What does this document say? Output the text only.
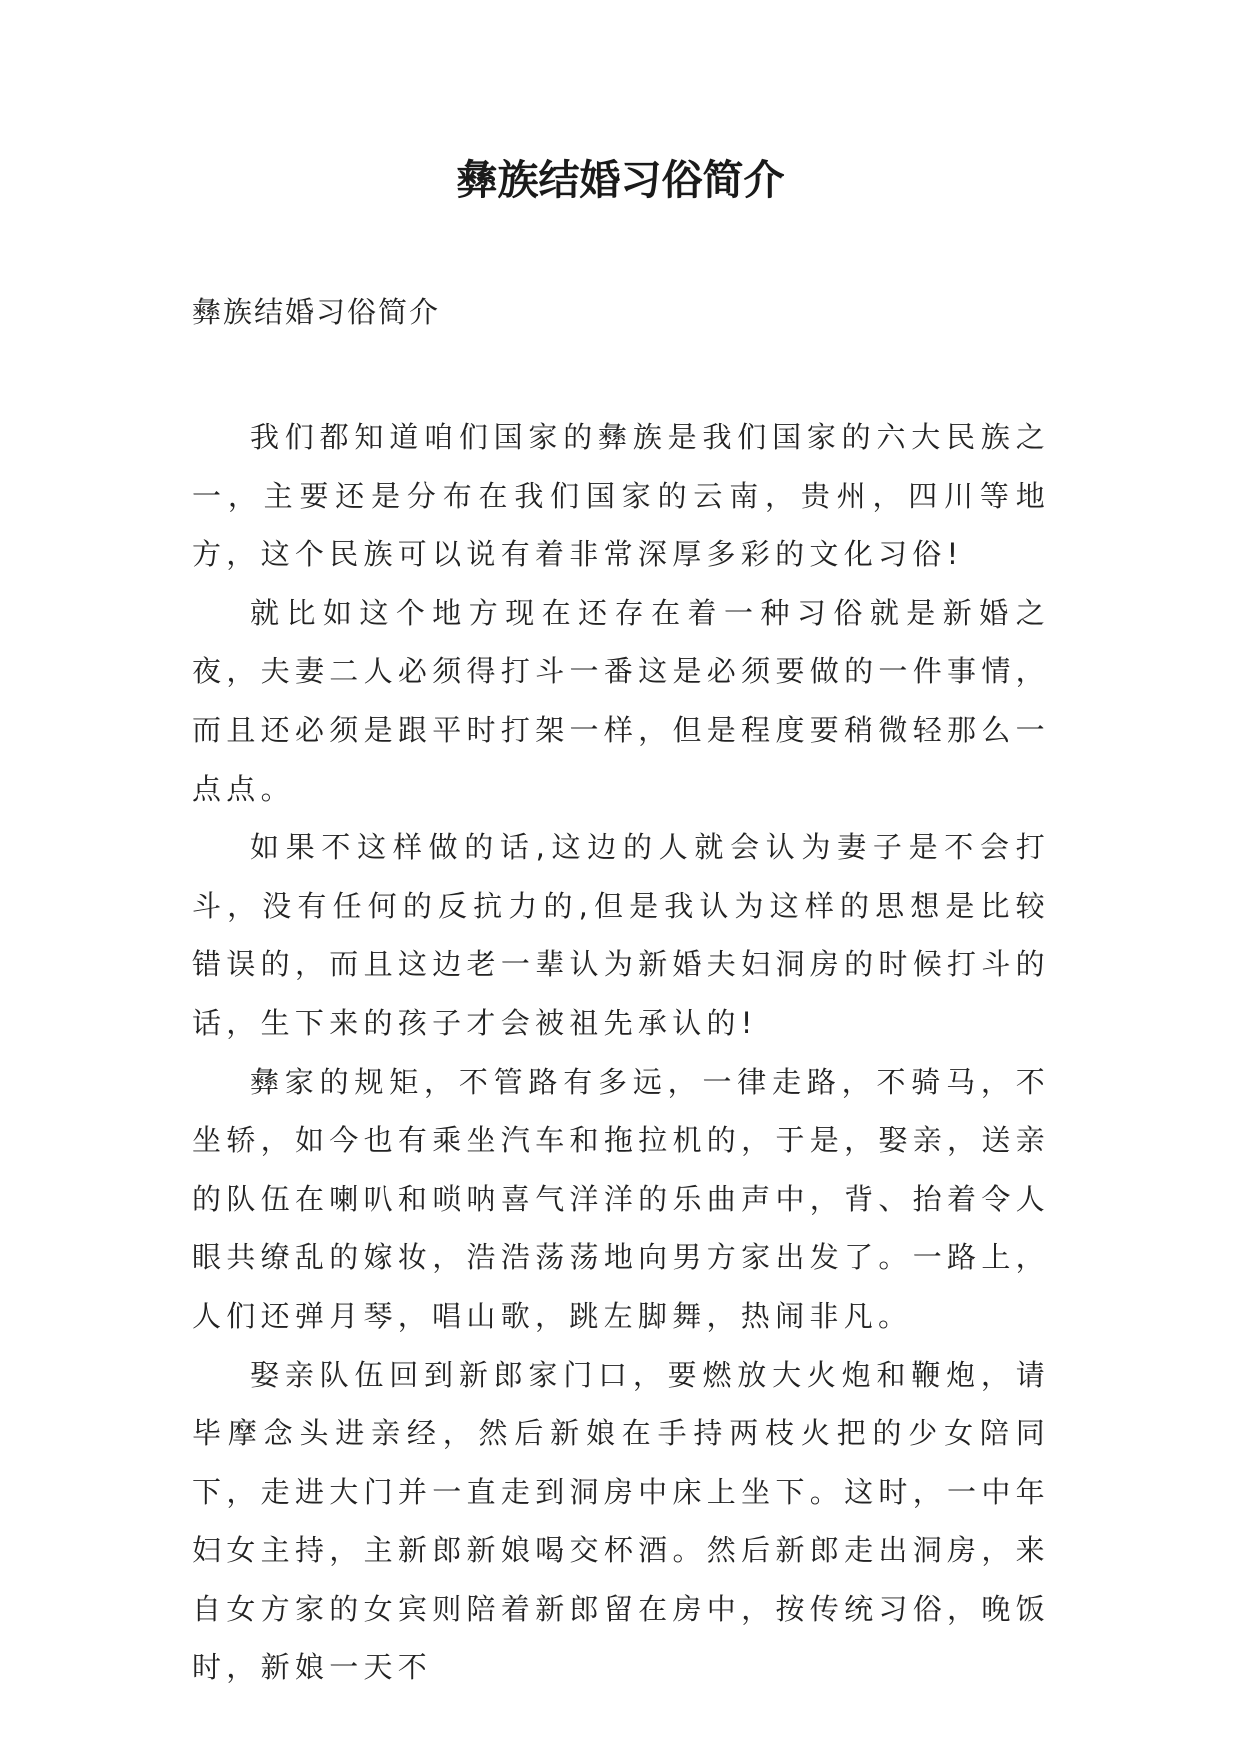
彝族结婚习俗简介
彝族结婚习俗简介

我们都知道咱们国家的彝族是我们国家的六大民族之一，主要还是分布在我们国家的云南，贵州，四川等地方，这个民族可以说有着非常深厚多彩的文化习俗!

就比如这个地方现在还存在着一种习俗就是新婚之夜，夫妻二人必须得打斗一番这是必须要做的一件事情，而且还必须是跟平时打架一样，但是程度要稍微轻那么一点点。

如果不这样做的话,这边的人就会认为妻子是不会打斗，没有任何的反抗力的,但是我认为这样的思想是比较错误的，而且这边老一辈认为新婚夫妇洞房的时候打斗的话，生下来的孩子才会被祖先承认的!

彝家的规矩，不管路有多远，一律走路，不骑马，不坐轿，如今也有乘坐汽车和拖拉机的，于是，娶亲，送亲的队伍在喇叭和唢呐喜气洋洋的乐曲声中，背、抬着令人眼共缭乱的嫁妆，浩浩荡荡地向男方家出发了。一路上，人们还弹月琴，唱山歌，跳左脚舞，热闹非凡。

娶亲队伍回到新郎家门口，要燃放大火炮和鞭炮，请毕摩念头进亲经，然后新娘在手持两枝火把的少女陪同下，走进大门并一直走到洞房中床上坐下。这时，一中年妇女主持，主新郎新娘喝交杯酒。然后新郎走出洞房，来自女方家的女宾则陪着新郎留在房中，按传统习俗，晚饭时，新娘一天不
